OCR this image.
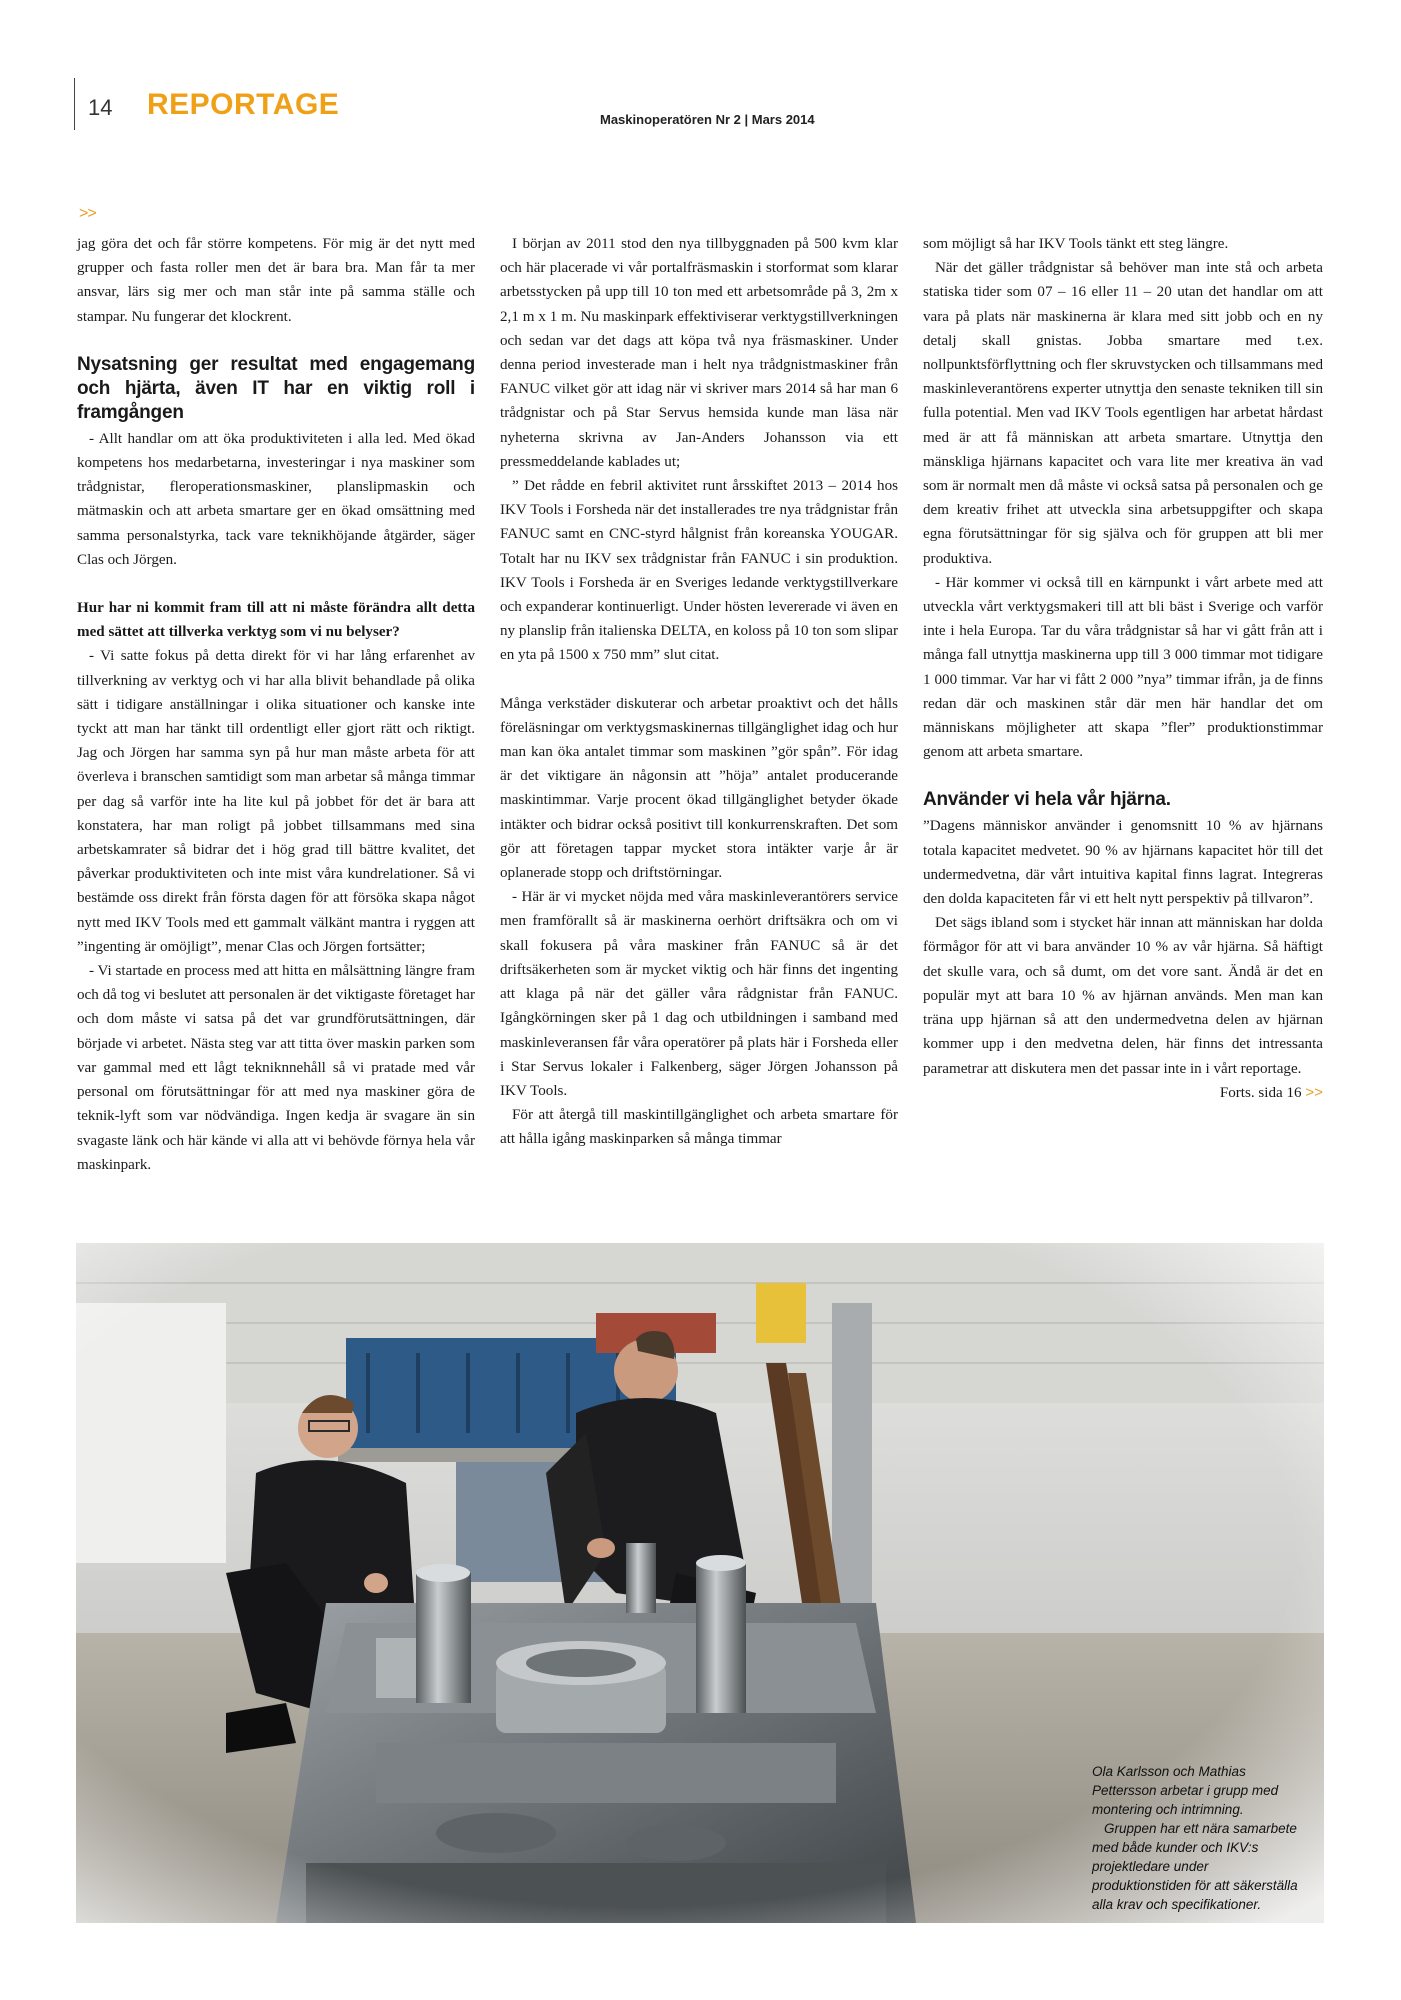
14 REPORTAGE	Maskinoperatören Nr 2 | Mars 2014
>>

jag göra det och får större kompetens. För mig är det nytt med grupper och fasta roller men det är bara bra. Man får ta mer ansvar, lärs sig mer och man står inte på samma ställe och stampar. Nu fungerar det klockrent.

Nysatsning ger resultat med engagemang och hjärta, även IT har en viktig roll i framgången

- Allt handlar om att öka produktiviteten i alla led. Med ökad kompetens hos medarbetarna, investeringar i nya maskiner som trådgnistar, fleroperationsmaskiner, planslipmaskin och mätmaskin och att arbeta smartare ger en ökad omsättning med samma personalstyrka, tack vare teknikhöjande åtgärder, säger Clas och Jörgen.

Hur har ni kommit fram till att ni måste förändra allt detta med sättet att tillverka verktyg som vi nu belyser?

- Vi satte fokus på detta direkt för vi har lång erfarenhet av tillverkning av verktyg och vi har alla blivit behandlade på olika sätt i tidigare anställningar i olika situationer och kanske inte tyckt att man har tänkt till ordentligt eller gjort rätt och riktigt. Jag och Jörgen har samma syn på hur man måste arbeta för att överleva i branschen samtidigt som man arbetar så många timmar per dag så varför inte ha lite kul på jobbet för det är bara att konstatera, har man roligt på jobbet tillsammans med sina arbetskamrater så bidrar det i hög grad till bättre kvalitet, det påverkar produktiviteten och inte mist våra kundrelationer. Så vi bestämde oss direkt från första dagen för att försöka skapa något nytt med IKV Tools med ett gammalt välkänt mantra i ryggen att ”ingenting är omöjligt”, menar Clas och Jörgen fortsätter;

- Vi startade en process med att hitta en målsättning längre fram och då tog vi beslutet att personalen är det viktigaste företaget har och dom måste vi satsa på det var grundförutsättningen, där började vi arbetet. Nästa steg var att titta över maskin parken som var gammal med ett lågt tekniknnehåll så vi pratade med vår personal om förutsättningar för att med nya maskiner göra de teknik-lyft som var nödvändiga. Ingen kedja är svagare än sin svagaste länk och här kände vi alla att vi behövde förnya hela vår maskinpark.

I början av 2011 stod den nya tillbyggnaden på 500 kvm klar och här placerade vi vår portalfräsmaskin i storformat som klarar arbetsstycken på upp till 10 ton med ett arbetsområde på 3, 2m x 2,1 m x 1 m. Nu maskinpark effektiviserar verktygstillverkningen och sedan var det dags att köpa två nya fräsmaskiner. Under denna period investerade man i helt nya trådgnistmaskiner från FANUC vilket gör att idag när vi skriver mars 2014 så har man 6 trådgnistar och på Star Servus hemsida kunde man läsa när nyheterna skrivna av Jan-Anders Johansson via ett pressmeddelande kablades ut;

” Det rådde en febril aktivitet runt årsskiftet 2013 – 2014 hos IKV Tools i Forsheda när det installerades tre nya trådgnistar från FANUC samt en CNC-styrd hålgnist från koreanska YOUGAR. Totalt har nu IKV sex trådgnistar från FANUC i sin produktion. IKV Tools i Forsheda är en Sveriges ledande verktygstillverkare och expanderar kontinuerligt. Under hösten levererade vi även en ny planslip från italienska DELTA, en koloss på 10 ton som slipar en yta på 1500 x 750 mm” slut citat.

Många verkstäder diskuterar och arbetar proaktivt och det hålls föreläsningar om verktygsmaskinernas tillgänglighet idag och hur man kan öka antalet timmar som maskinen ”gör spån”. För idag är det viktigare än någonsin att ”höja” antalet producerande maskintimmar. Varje procent ökad tillgänglighet betyder ökade intäkter och bidrar också positivt till konkurrenskraften. Det som gör att företagen tappar mycket stora intäkter varje år är oplanerade stopp och driftstörningar.

- Här är vi mycket nöjda med våra maskinleverantörers service men framförallt så är maskinerna oerhört driftsäkra och om vi skall fokusera på våra maskiner från FANUC så är det driftsäkerheten som är mycket viktig och här finns det ingenting att klaga på när det gäller våra rådgnistar från FANUC. Igångkörningen sker på 1 dag och utbildningen i samband med maskinleveransen får våra operatörer på plats här i Forsheda eller i Star Servus lokaler i Falkenberg, säger Jörgen Johansson på IKV Tools.

För att återgå till maskintillgänglighet och arbeta smartare för att hålla igång maskinparken så många timmar

som möjligt så har IKV Tools tänkt ett steg längre.

När det gäller trådgnistar så behöver man inte stå och arbeta statiska tider som 07 – 16 eller 11 – 20 utan det handlar om att vara på plats när maskinerna är klara med sitt jobb och en ny detalj skall gnistas. Jobba smartare med t.ex. nollpunktsförflyttning och fler skruvstycken och tillsammans med maskinleverantörens experter utnyttja den senaste tekniken till sin fulla potential. Men vad IKV Tools egentligen har arbetat hårdast med är att få människan att arbeta smartare. Utnyttja den mänskliga hjärnans kapacitet och vara lite mer kreativa än vad som är normalt men då måste vi också satsa på personalen och ge dem kreativ frihet att utveckla sina arbetsuppgifter och skapa egna förutsättningar för sig själva och för gruppen att bli mer produktiva.

- Här kommer vi också till en kärnpunkt i vårt arbete med att utveckla vårt verktygsmakeri till att bli bäst i Sverige och varför inte i hela Europa. Tar du våra trådgnistar så har vi gått från att i många fall utnyttja maskinerna upp till 3 000 timmar mot tidigare 1 000 timmar. Var har vi fått 2 000 ”nya” timmar ifrån, ja de finns redan där och maskinen står där men här handlar det om människans möjligheter att skapa ”fler” produktionstimmar genom att arbeta smartare.

Använder vi hela vår hjärna.

”Dagens människor använder i genomsnitt 10 % av hjärnans totala kapacitet medvetet. 90 % av hjärnans kapacitet hör till det undermedvetna, där vårt intuitiva kapital finns lagrat. Integreras den dolda kapaciteten får vi ett helt nytt perspektiv på tillvaron”.

Det sägs ibland som i stycket här innan att människan har dolda förmågor för att vi bara använder 10 % av vår hjärna. Så häftigt det skulle vara, och så dumt, om det vore sant. Ändå är det en populär myt att bara 10 % av hjärnan används. Men man kan träna upp hjärnan så att den undermedvetna delen av hjärnan kommer upp i den medvetna delen, här finns det intressanta parametrar att diskutera men det passar inte in i vårt reportage.

Forts. sida 16 >>

Ola Karlsson och Mathias Pettersson arbetar i grupp med montering och intrimning.

Gruppen har ett nära samarbete med både kunder och IKV:s projektledare under produktionstiden för att säkerställa alla krav och specifikationer.
